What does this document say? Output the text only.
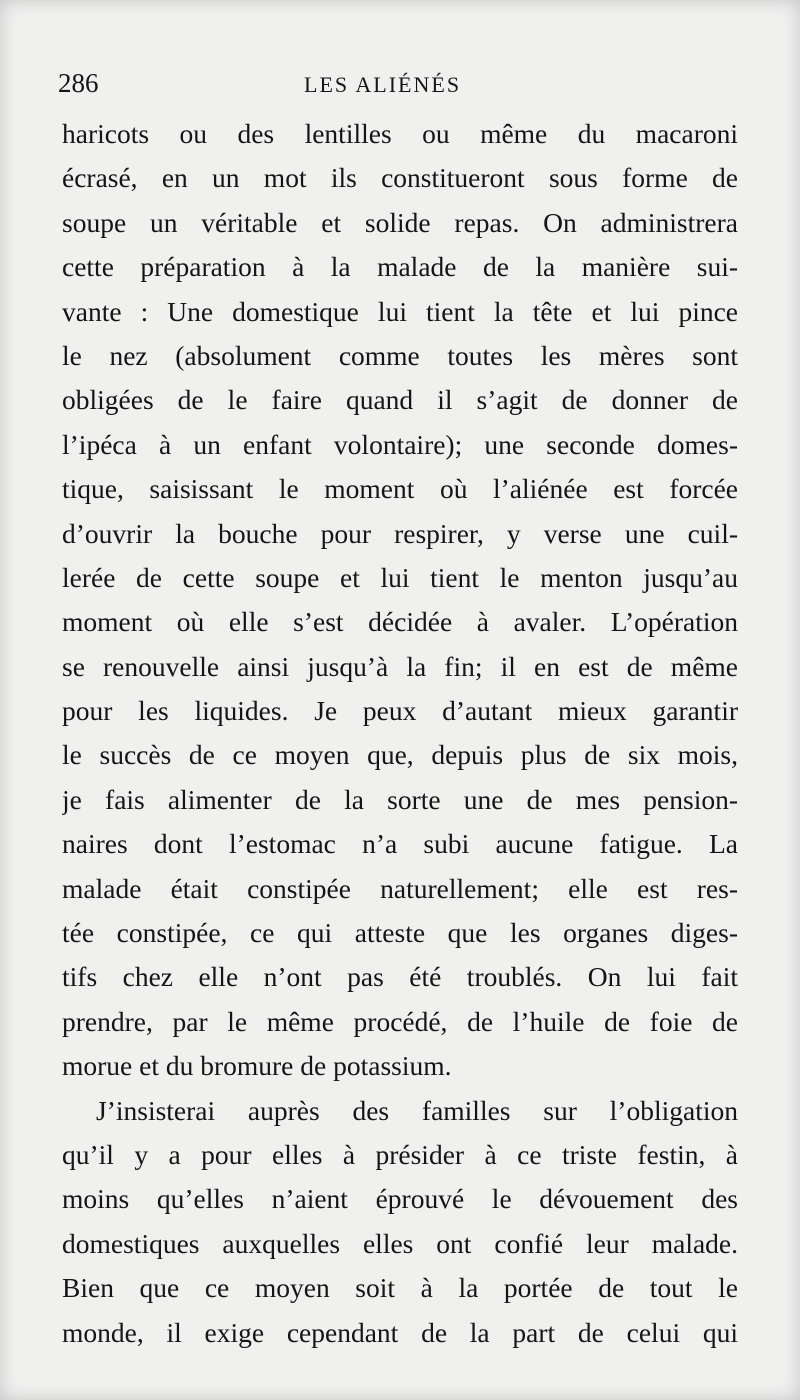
286	LES ALIÉNÉS
haricots ou des lentilles ou même du macaroni
écrasé, en un mot ils constitueront sous forme de
soupe un véritable et solide repas. On administrera
cette préparation à la malade de la manière sui-
vante : Une domestique lui tient la tête et lui pince
le nez (absolument comme toutes les mères sont
obligées de le faire quand il s’agit de donner de
l’ipéca à un enfant volontaire); une seconde domes-
tique, saisissant le moment où l’aliénée est forcée
d’ouvrir la bouche pour respirer, y verse une cuil-
lerée de cette soupe et lui tient le menton jusqu’au
moment où elle s’est décidée à avaler. L’opération
se renouvelle ainsi jusqu’à la fin; il en est de même
pour les liquides. Je peux d’autant mieux garantir
le succès de ce moyen que, depuis plus de six mois,
je fais alimenter de la sorte une de mes pension-
naires dont l’estomac n’a subi aucune fatigue. La
malade était constipée naturellement; elle est res-
tée constipée, ce qui atteste que les organes diges-
tifs chez elle n’ont pas été troublés. On lui fait
prendre, par le même procédé, de l’huile de foie de
morue et du bromure de potassium.
J’insisterai auprès des familles sur l’obligation
qu’il y a pour elles à présider à ce triste festin, à
moins qu’elles n’aient éprouvé le dévouement des
domestiques auxquelles elles ont confié leur malade.
Bien que ce moyen soit à la portée de tout le
monde, il exige cependant de la part de celui qui
